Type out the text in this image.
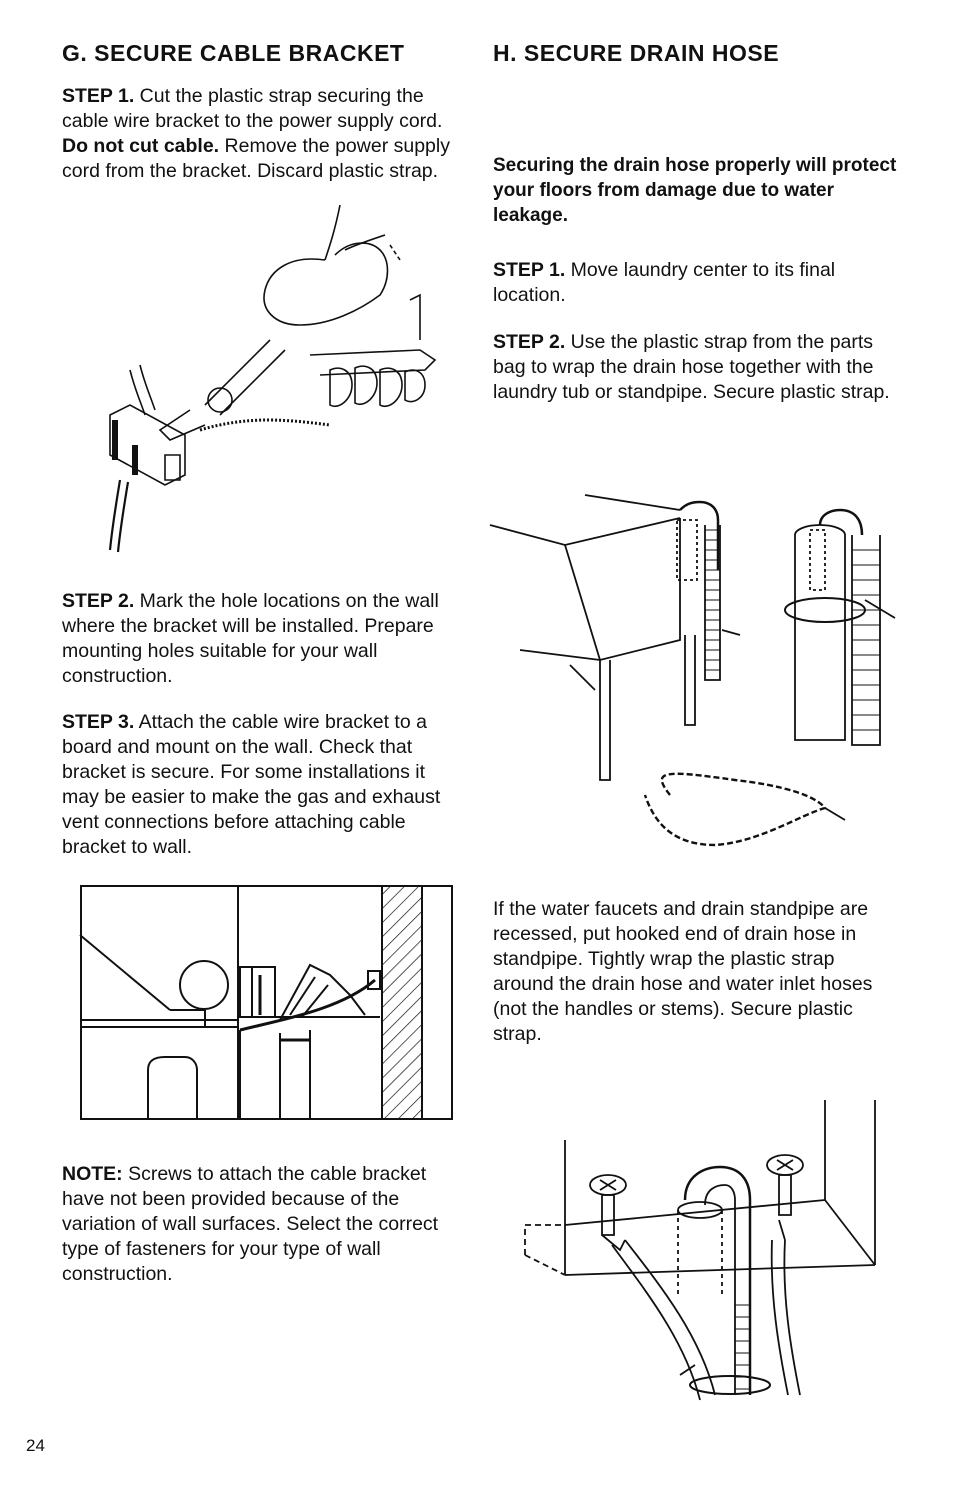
G. SECURE CABLE BRACKET

STEP 1. Cut the plastic strap securing the cable wire bracket to the power supply cord. Do not cut cable. Remove the power supply cord from the bracket. Discard plastic strap.

STEP 2. Mark the hole locations on the wall where the bracket will be installed. Prepare mounting holes suitable for your wall construction.

STEP 3. Attach the cable wire bracket to a board and mount on the wall. Check that bracket is secure. For some installations it may be easier to make the gas and exhaust vent connections before attaching cable bracket to wall.

NOTE: Screws to attach the cable bracket have not been provided because of the variation of wall surfaces. Select the correct type of fasteners for your type of wall construction.

24
H. SECURE DRAIN HOSE

Securing the drain hose properly will protect your floors from damage due to water leakage.

STEP 1. Move laundry center to its final location.

STEP 2. Use the plastic strap from the parts bag to wrap the drain hose together with the laundry tub or standpipe. Secure plastic strap.

If the water faucets and drain standpipe are recessed, put hooked end of drain hose in standpipe. Tightly wrap the plastic strap around the drain hose and water inlet hoses (not the handles or stems). Secure plastic strap.
